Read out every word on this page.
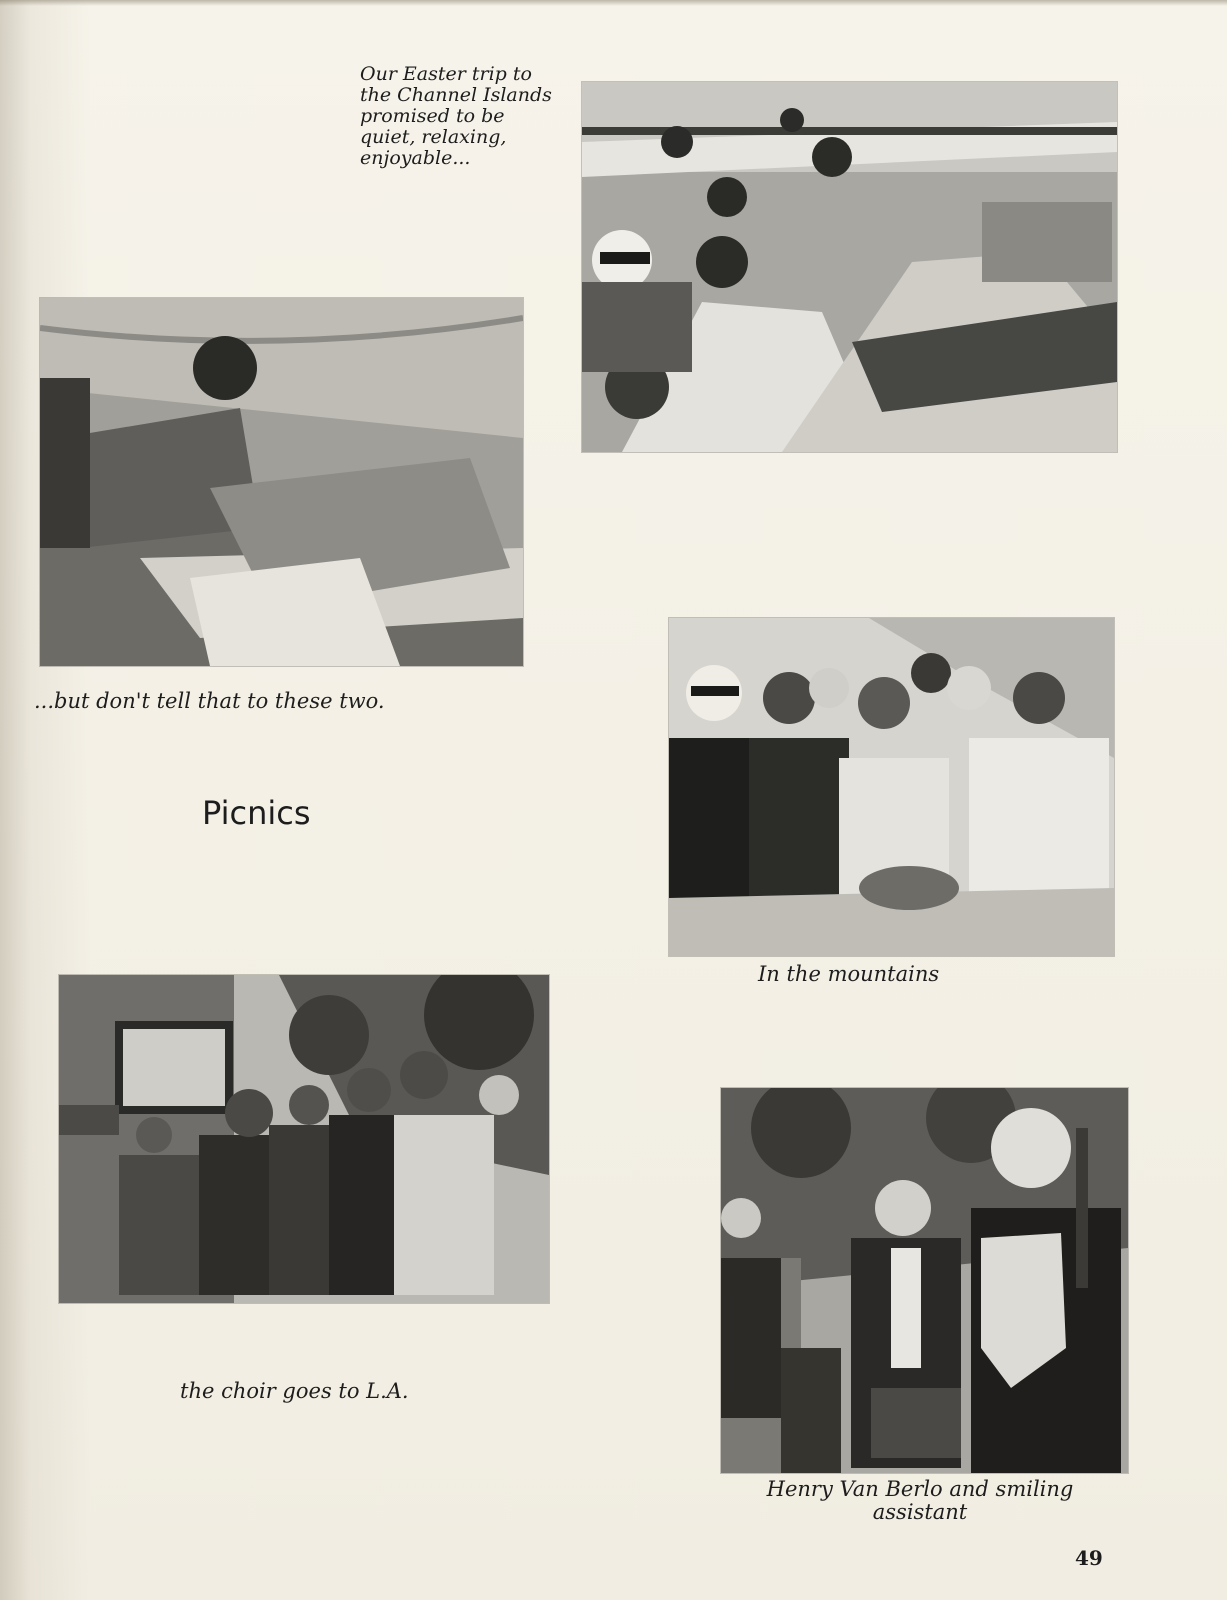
Our Easter trip to the Channel Islands promised to be quiet, relaxing, enjoyable...
...but don't tell that to these two.
Picnics
In the mountains
the choir goes to L.A.
Henry Van Berlo and smiling assistant
49
